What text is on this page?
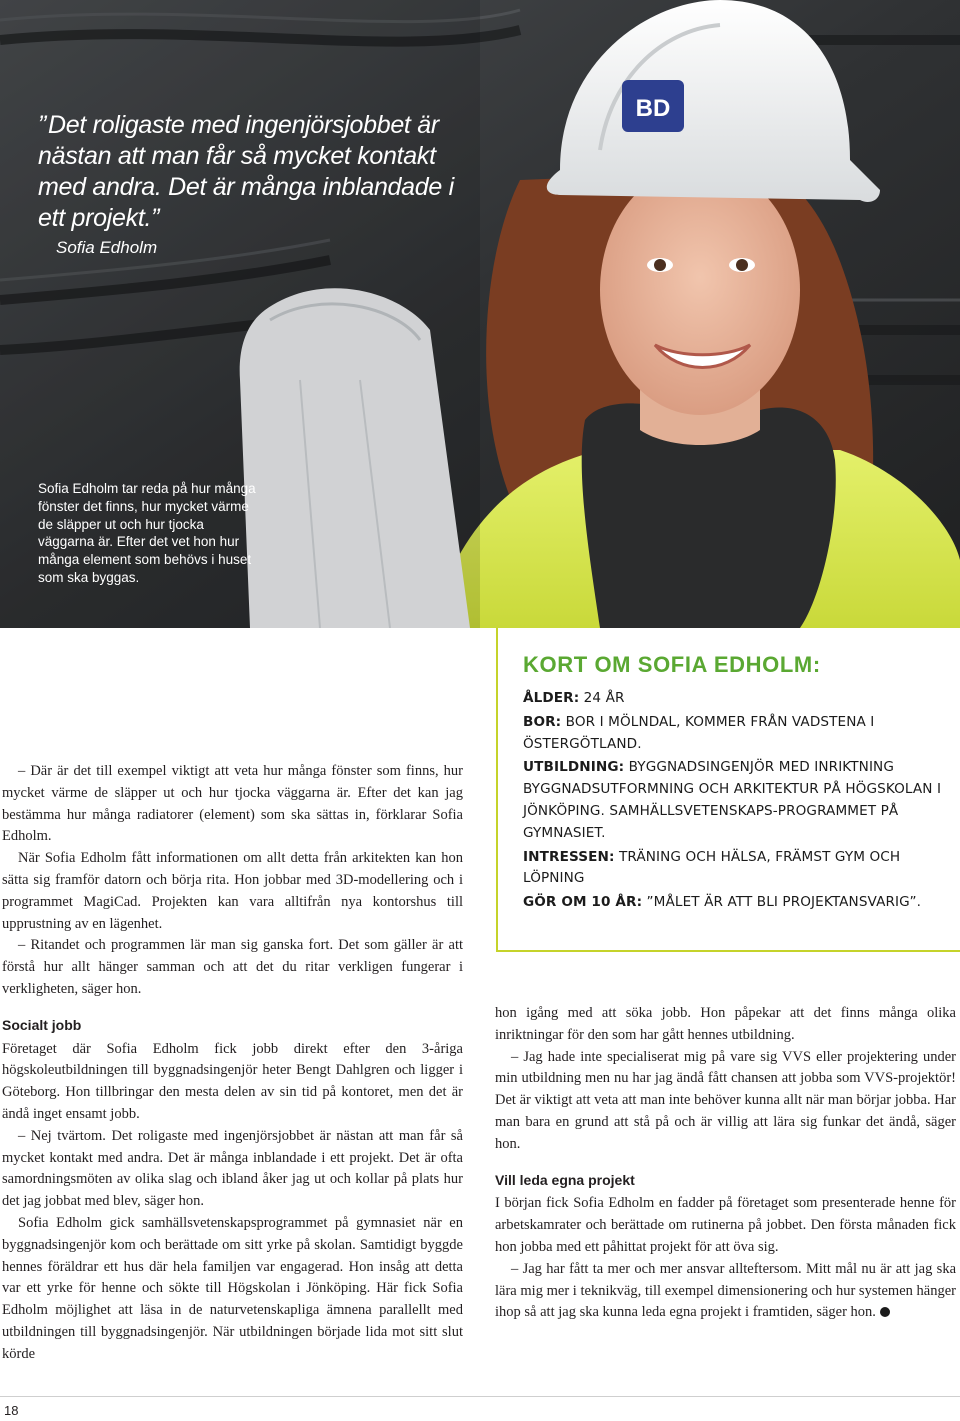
BD
”Det roligaste med ingenjörsjobbet är nästan att man får så mycket kontakt med andra. Det är många inblandade i ett projekt.”
Sofia Edholm
Sofia Edholm tar reda på hur många fönster det finns, hur mycket värme de släpper ut och hur tjocka väggarna är. Efter det vet hon hur många element som behövs i huset som ska byggas.
KORT OM SOFIA EDHOLM:
ÅLDER: 24 ÅR
BOR: BOR I MÖLNDAL, KOMMER FRÅN VADSTENA I ÖSTERGÖTLAND.
UTBILDNING: BYGGNADSINGENJÖR MED INRIKTNING BYGGNADSUTFORMNING OCH ARKITEKTUR PÅ HÖGSKOLAN I JÖNKÖPING. SAMHÄLLSVETENSKAPS-PROGRAMMET PÅ GYMNASIET.
INTRESSEN: TRÄNING OCH HÄLSA, FRÄMST GYM OCH LÖPNING
GÖR OM 10 ÅR: ”MÅLET ÄR ATT BLI PROJEKTANSVARIG”.

– Där är det till exempel viktigt att veta hur många fönster som finns, hur mycket värme de släpper ut och hur tjocka väggarna är. Efter det kan jag bestämma hur många radiatorer (element) som ska sättas in, förklarar Sofia Edholm.

När Sofia Edholm fått informationen om allt detta från arkitekten kan hon sätta sig framför datorn och börja rita. Hon jobbar med 3D-modellering och i programmet MagiCad. Projekten kan vara alltifrån nya kontorshus till upprustning av en lägenhet.

– Ritandet och programmen lär man sig ganska fort. Det som gäller är att förstå hur allt hänger samman och att det du ritar verkligen fungerar i verkligheten, säger hon.

Socialt jobb

Företaget där Sofia Edholm fick jobb direkt efter den 3-åriga högskoleutbildningen till byggnadsingenjör heter Bengt Dahlgren och ligger i Göteborg. Hon tillbringar den mesta delen av sin tid på kontoret, men det är ändå inget ensamt jobb.

– Nej tvärtom. Det roligaste med ingenjörsjobbet är nästan att man får så mycket kontakt med andra. Det är många inblandade i ett projekt. Det är ofta samordningsmöten av olika slag och ibland åker jag ut och kollar på plats hur det jag jobbat med blev, säger hon.

Sofia Edholm gick samhällsvetenskapsprogrammet på gymnasiet när en byggnadsingenjör kom och berättade om sitt yrke på skolan. Samtidigt byggde hennes föräldrar ett hus där hela familjen var engagerad. Hon insåg att detta var ett yrke för henne och sökte till Högskolan i Jönköping. Här fick Sofia Edholm möjlighet att läsa in de naturvetenskapliga ämnena parallellt med utbildningen till byggnadsingenjör. När utbildningen började lida mot sitt slut körde

hon igång med att söka jobb. Hon påpekar att det finns många olika inriktningar för den som har gått hennes utbildning.

– Jag hade inte specialiserat mig på vare sig VVS eller projektering under min utbildning men nu har jag ändå fått chansen att jobba som VVS-projektör! Det är viktigt att veta att man inte behöver kunna allt när man börjar jobba. Har man bara en grund att stå på och är villig att lära sig funkar det ändå, säger hon.

Vill leda egna projekt

I början fick Sofia Edholm en fadder på företaget som presenterade henne för arbetskamrater och berättade om rutinerna på jobbet. Den första månaden fick hon jobba med ett påhittat projekt för att öva sig.

– Jag har fått ta mer och mer ansvar allteftersom. Mitt mål nu är att jag ska lära mig mer i teknikväg, till exempel dimensionering och hur systemen hänger ihop så att jag ska kunna leda egna projekt i framtiden, säger hon.

18
